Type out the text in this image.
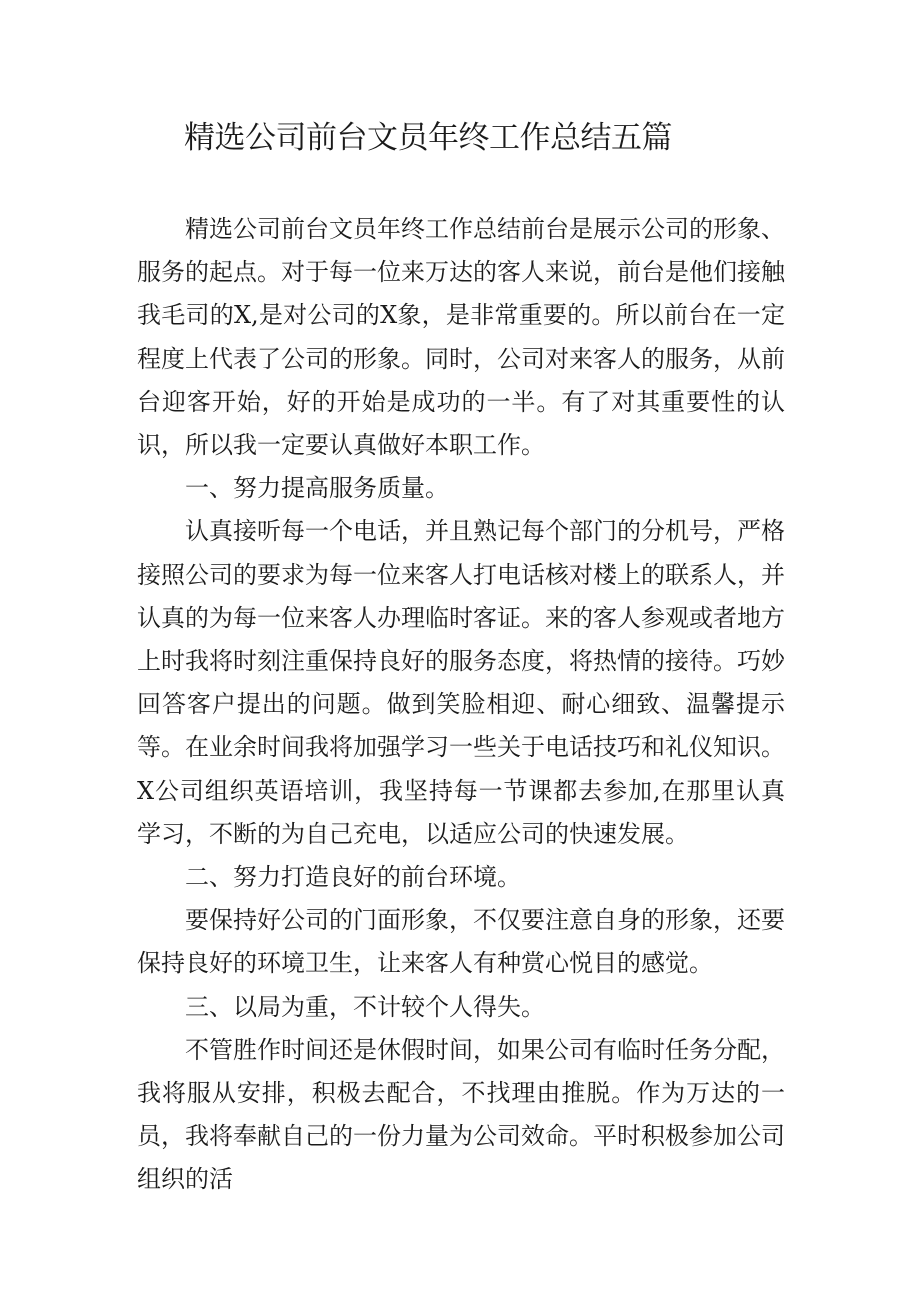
精选公司前台文员年终工作总结五篇

精选公司前台文员年终工作总结前台是展示公司的形象、服务的起点。对于每一位来万达的客人来说，前台是他们接触我毛司的X,是对公司的X象，是非常重要的。所以前台在一定程度上代表了公司的形象。同时，公司对来客人的服务，从前台迎客开始，好的开始是成功的一半。有了对其重要性的认识，所以我一定要认真做好本职工作。

一、努力提高服务质量。

认真接听每一个电话，并且熟记每个部门的分机号，严格接照公司的要求为每一位来客人打电话核对楼上的联系人，并认真的为每一位来客人办理临时客证。来的客人参观或者地方上时我将时刻注重保持良好的服务态度，将热情的接待。巧妙回答客户提出的问题。做到笑脸相迎、耐心细致、温馨提示等。在业余时间我将加强学习一些关于电话技巧和礼仪知识。X公司组织英语培训，我坚持每一节课都去参加,在那里认真学习，不断的为自己充电，以适应公司的快速发展。

二、努力打造良好的前台环境。

要保持好公司的门面形象，不仅要注意自身的形象，还要保持良好的环境卫生，让来客人有种赏心悦目的感觉。

三、以局为重，不计较个人得失。

不管胜作时间还是休假时间，如果公司有临时任务分配，我将服从安排，积极去配合，不找理由推脱。作为万达的一员，我将奉献自己的一份力量为公司效命。平时积极参加公司组织的活
